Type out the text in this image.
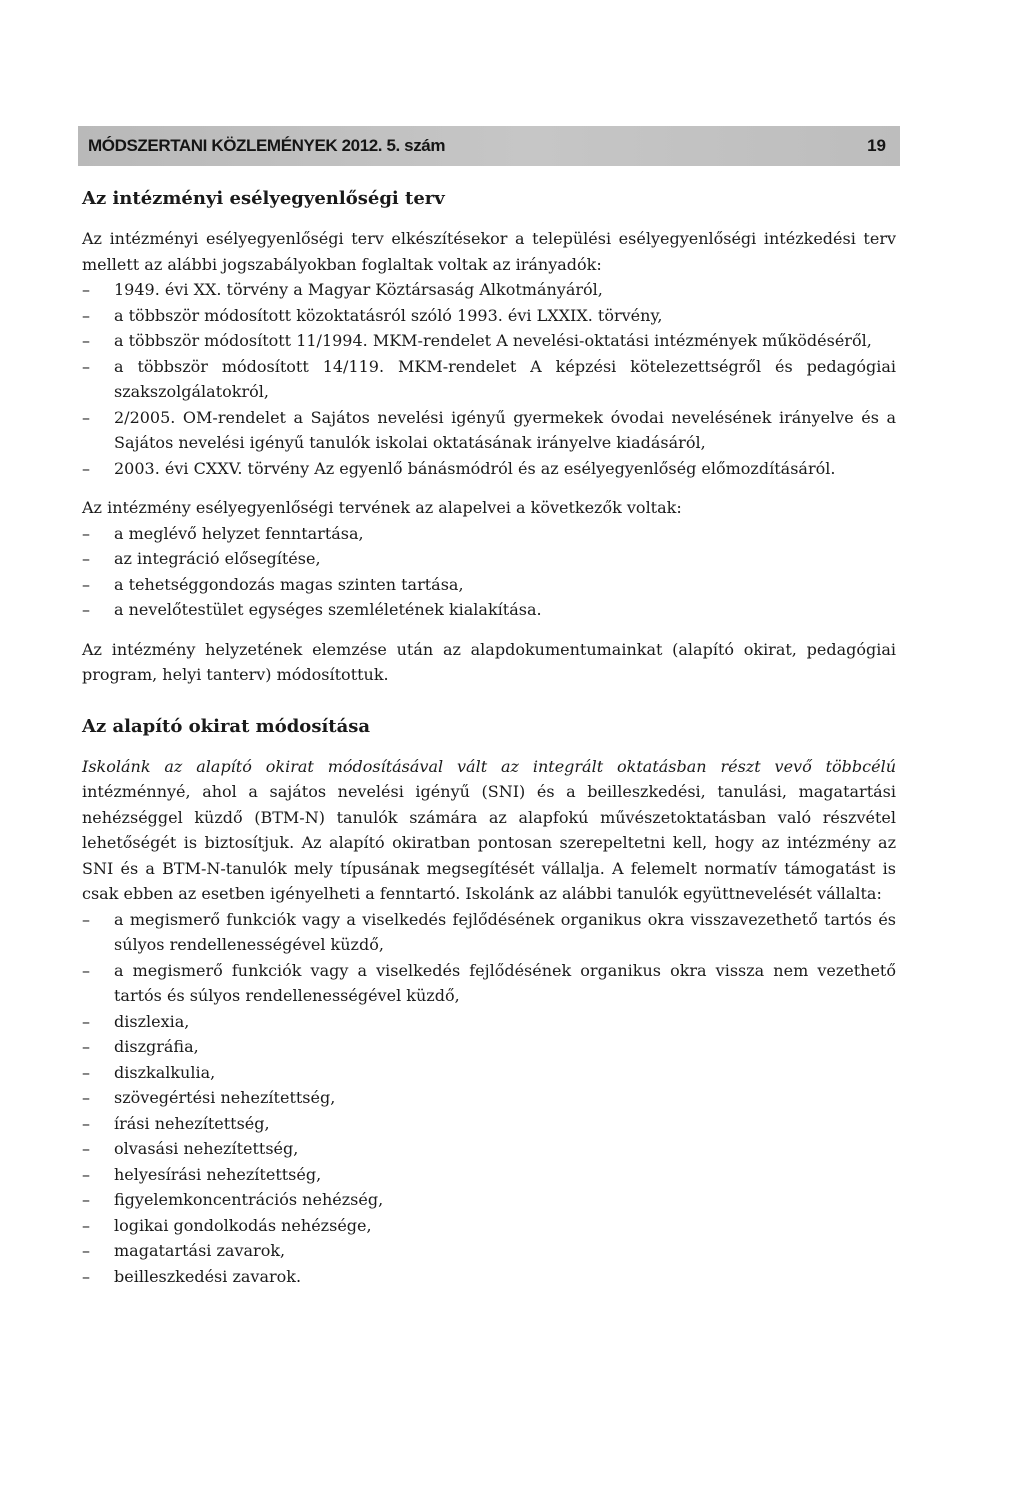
MÓDSZERTANI KÖZLEMÉNYEK 2012. 5. szám	19
Az intézményi esélyegyenlőségi terv

Az intézményi esélyegyenlőségi terv elkészítésekor a települési esélyegyenlőségi intézkedési terv mellett az alábbi jogszabályokban foglaltak voltak az irányadók:

– 1949. évi XX. törvény a Magyar Köztársaság Alkotmányáról,
– a többször módosított közoktatásról szóló 1993. évi LXXIX. törvény,
– a többször módosított 11/1994. MKM-rendelet A nevelési-oktatási intézmények működéséről,
– a többször módosított 14/119. MKM-rendelet A képzési kötelezettségről és pedagógiai szakszolgálatokról,
– 2/2005. OM-rendelet a Sajátos nevelési igényű gyermekek óvodai nevelésének irányelve és a Sajátos nevelési igényű tanulók iskolai oktatásának irányelve kiadásáról,
– 2003. évi CXXV. törvény Az egyenlő bánásmódról és az esélyegyenlőség előmozdításáról.

Az intézmény esélyegyenlőségi tervének az alapelvei a következők voltak:

– a meglévő helyzet fenntartása,
– az integráció elősegítése,
– a tehetséggondozás magas szinten tartása,
– a nevelőtestület egységes szemléletének kialakítása.

Az intézmény helyzetének elemzése után az alapdokumentumainkat (alapító okirat, pedagógiai program, helyi tanterv) módosítottuk.

Az alapító okirat módosítása

Iskolánk az alapító okirat módosításával vált az integrált oktatásban részt vevő többcélú intézménnyé, ahol a sajátos nevelési igényű (SNI) és a beilleszkedési, tanulási, magatartási nehézséggel küzdő (BTM-N) tanulók számára az alapfokú művészetoktatásban való részvétel lehetőségét is biztosítjuk. Az alapító okiratban pontosan szerepeltetni kell, hogy az intézmény az SNI és a BTM-N-tanulók mely típusának megsegítését vállalja. A felemelt normatív támogatást is csak ebben az esetben igényelheti a fenntartó. Iskolánk az alábbi tanulók együttnevelését vállalta:

– a megismerő funkciók vagy a viselkedés fejlődésének organikus okra visszavezethető tartós és súlyos rendellenességével küzdő,
– a megismerő funkciók vagy a viselkedés fejlődésének organikus okra vissza nem vezethető tartós és súlyos rendellenességével küzdő,
– diszlexia,
– diszgráfia,
– diszkalkulia,
– szövegértési nehezítettség,
– írási nehezítettség,
– olvasási nehezítettség,
– helyesírási nehezítettség,
– figyelemkoncentrációs nehézség,
– logikai gondolkodás nehézsége,
– magatartási zavarok,
– beilleszkedési zavarok.
